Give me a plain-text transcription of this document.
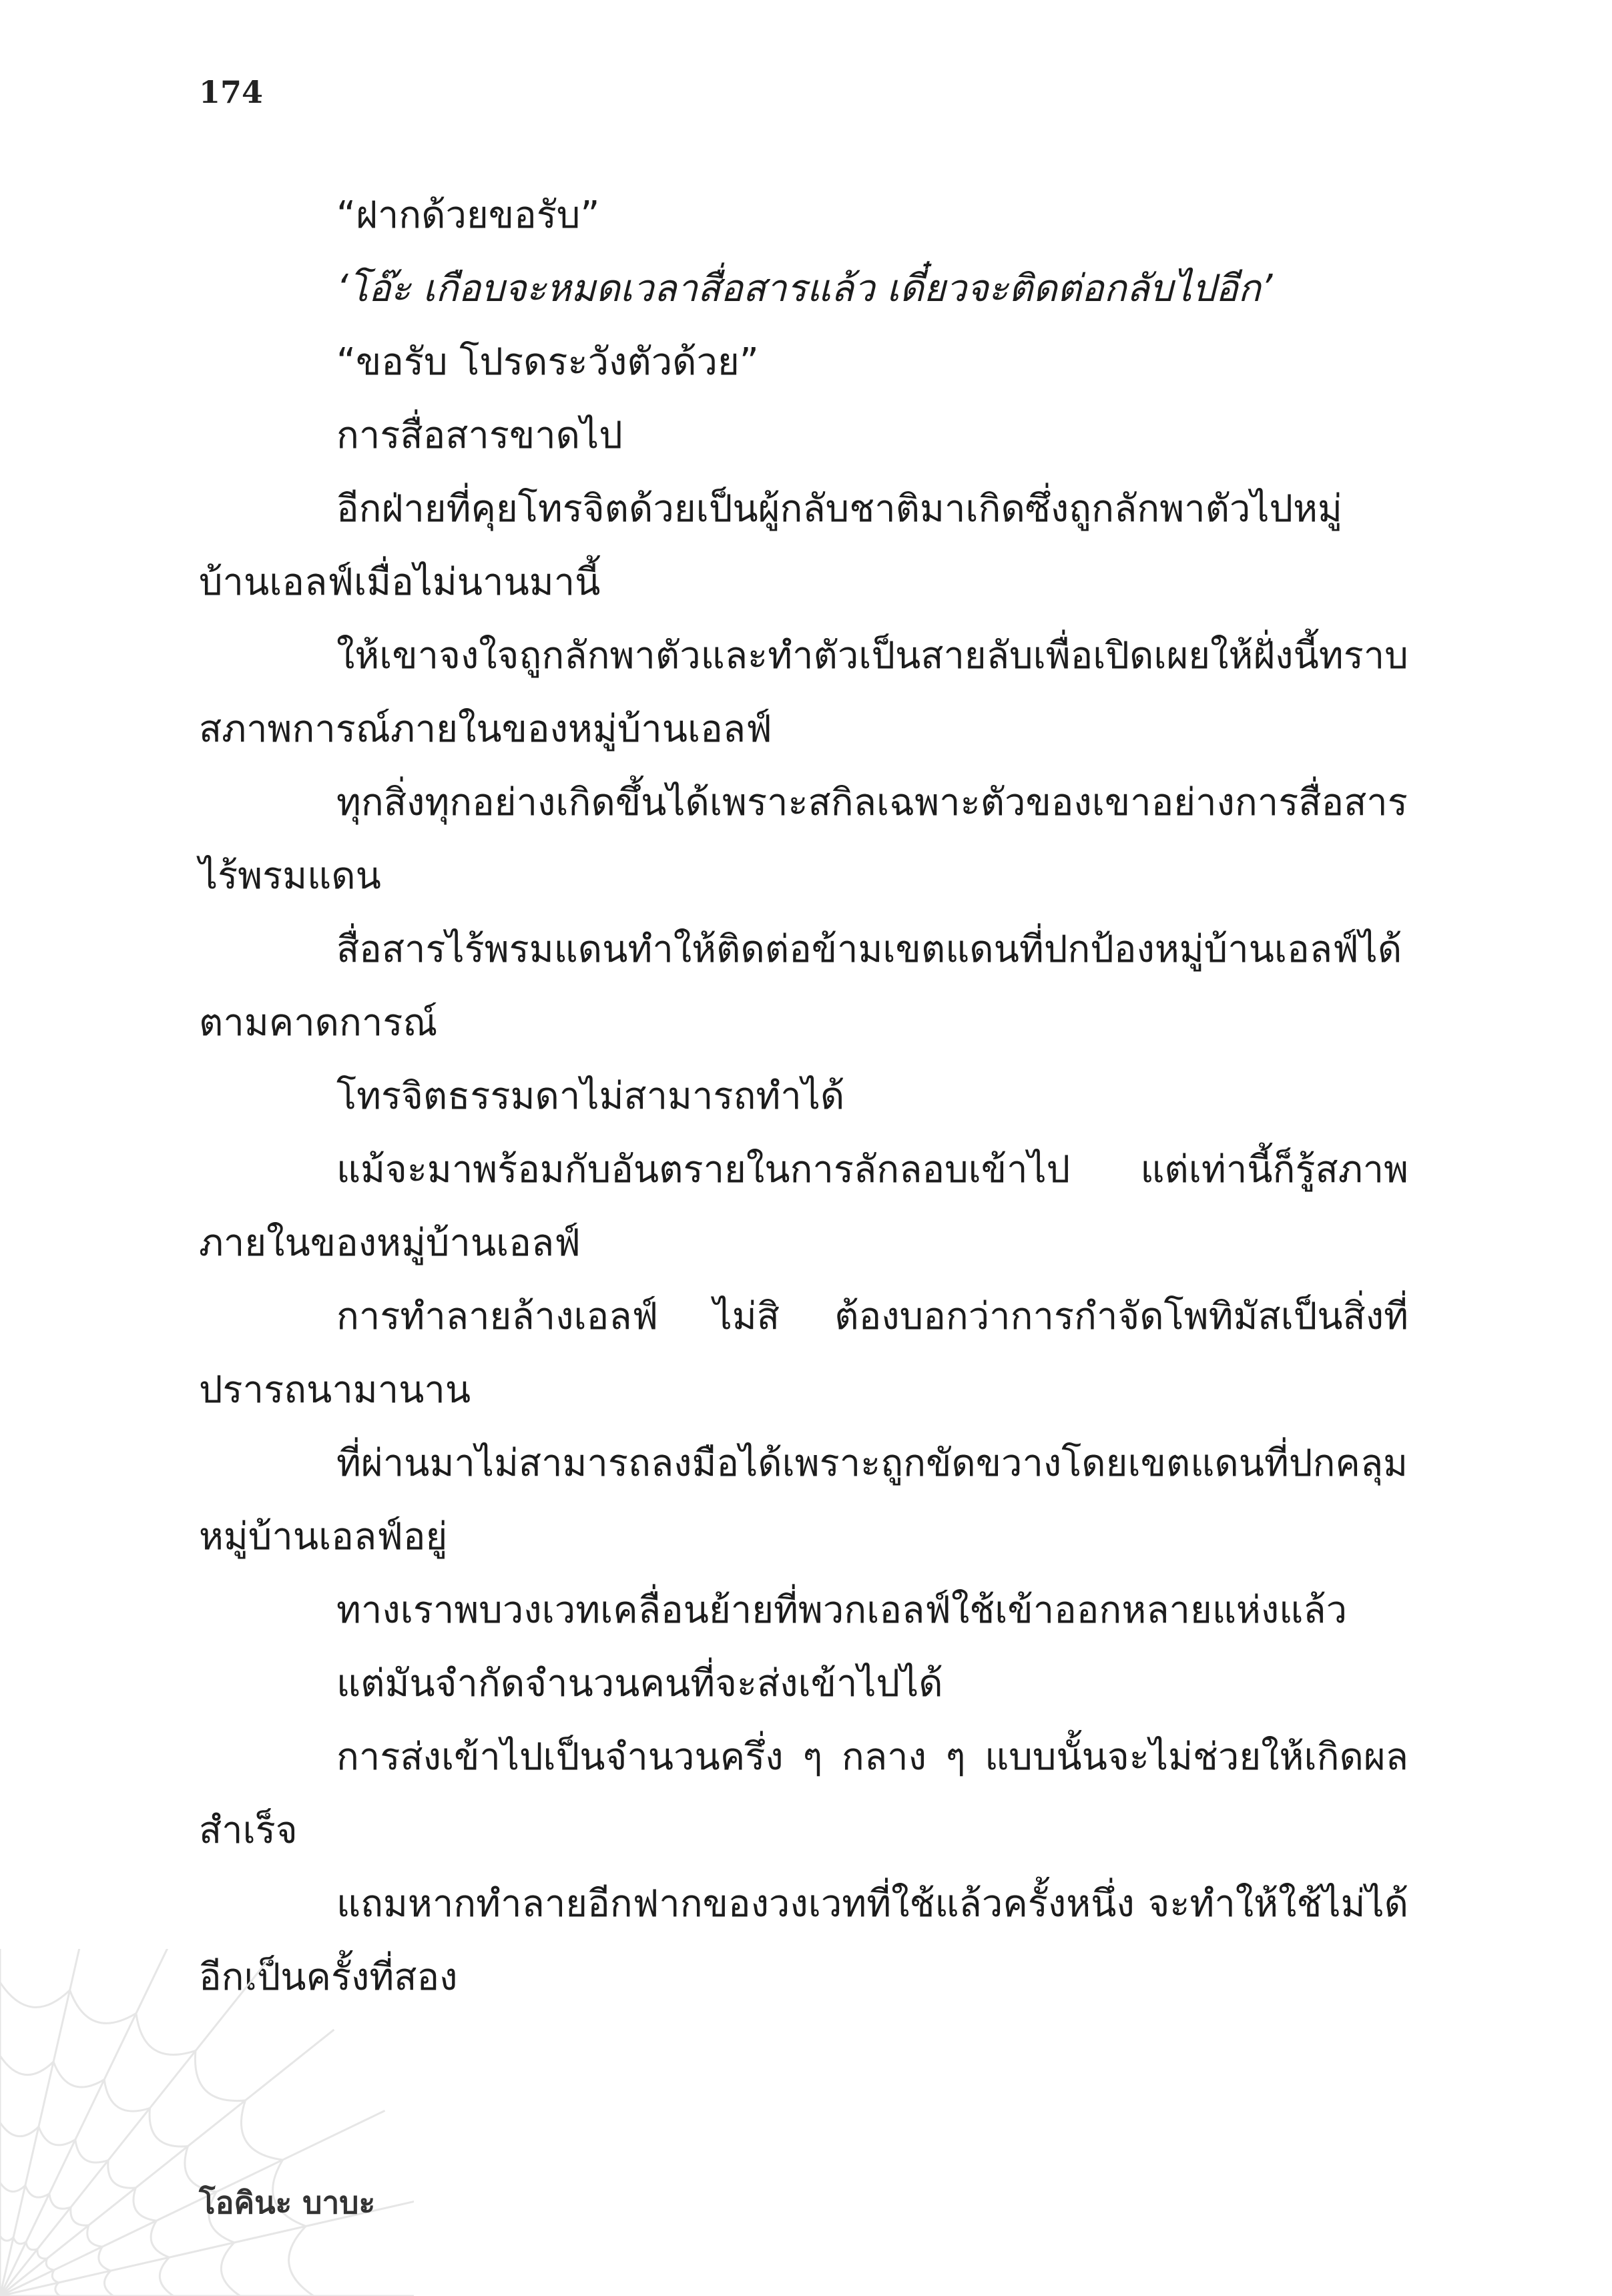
174

“ฝากด้วยขอรับ”

‘โอ๊ะ เกือบจะหมดเวลาสื่อสารแล้ว เดี๋ยวจะติดต่อกลับไปอีก’

“ขอรับ โปรดระวังตัวด้วย”

การสื่อสารขาดไป

อีกฝ่ายที่คุยโทรจิตด้วยเป็นผู้กลับชาติมาเกิดซึ่งถูกลักพาตัวไปหมู่บ้านเอลฟ์เมื่อไม่นานมานี้

ให้เขาจงใจถูกลักพาตัวและทำตัวเป็นสายลับเพื่อเปิดเผยให้ฝั่งนี้ทราบสภาพการณ์ภายในของหมู่บ้านเอลฟ์

ทุกสิ่งทุกอย่างเกิดขึ้นได้เพราะสกิลเฉพาะตัวของเขาอย่างการสื่อสารไร้พรมแดน

สื่อสารไร้พรมแดนทำให้ติดต่อข้ามเขตแดนที่ปกป้องหมู่บ้านเอลฟ์ได้ตามคาดการณ์

โทรจิตธรรมดาไม่สามารถทำได้

แม้จะมาพร้อมกับอันตรายในการลักลอบเข้าไป แต่เท่านี้ก็รู้สภาพภายในของหมู่บ้านเอลฟ์

การทำลายล้างเอลฟ์ ไม่สิ ต้องบอกว่าการกำจัดโพทิมัสเป็นสิ่งที่ปรารถนามานาน

ที่ผ่านมาไม่สามารถลงมือได้เพราะถูกขัดขวางโดยเขตแดนที่ปกคลุมหมู่บ้านเอลฟ์อยู่

ทางเราพบวงเวทเคลื่อนย้ายที่พวกเอลฟ์ใช้เข้าออกหลายแห่งแล้ว

แต่มันจำกัดจำนวนคนที่จะส่งเข้าไปได้

การส่งเข้าไปเป็นจำนวนครึ่ง ๆ กลาง ๆ แบบนั้นจะไม่ช่วยให้เกิดผลสำเร็จ

แถมหากทำลายอีกฟากของวงเวทที่ใช้แล้วครั้งหนึ่ง จะทำให้ใช้ไม่ได้อีกเป็นครั้งที่สอง

โอคินะ บาบะ
